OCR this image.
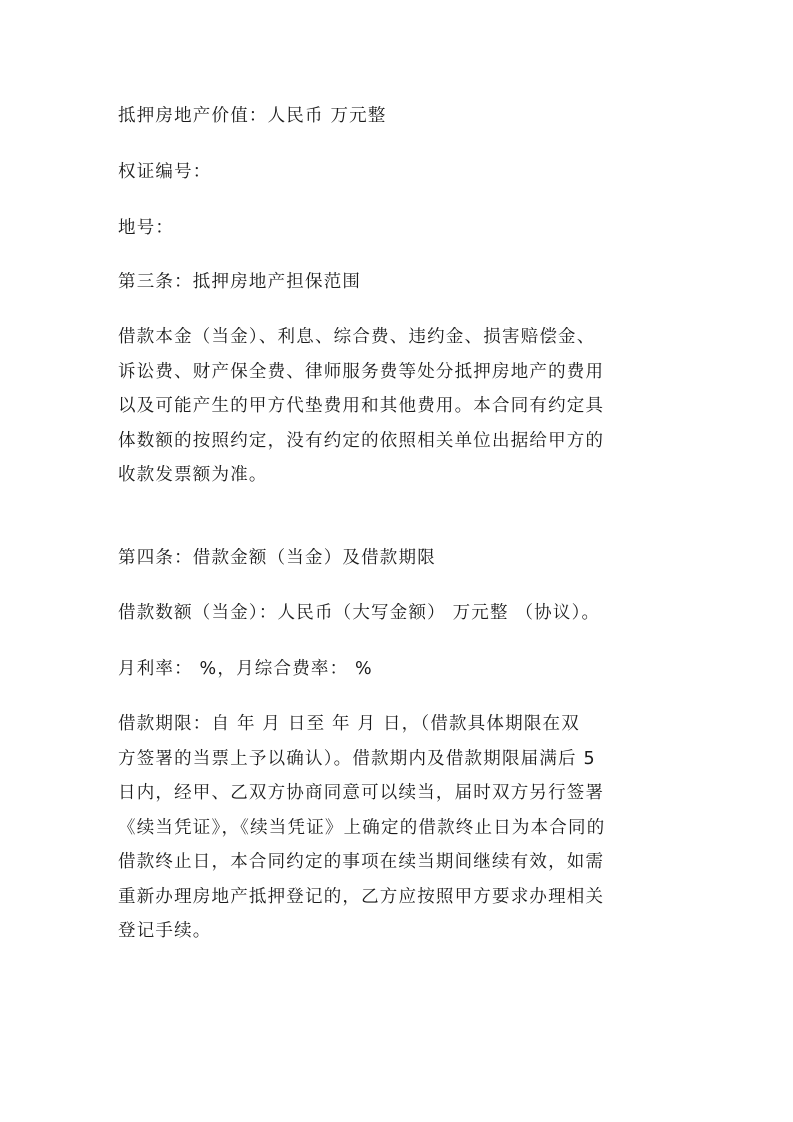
抵押房地产价值：人民币 万元整
权证编号：
地号：
第三条：抵押房地产担保范围
借款本金（当金）、利息、综合费、违约金、损害赔偿金、
诉讼费、财产保全费、律师服务费等处分抵押房地产的费用
以及可能产生的甲方代垫费用和其他费用。本合同有约定具
体数额的按照约定，没有约定的依照相关单位出据给甲方的
收款发票额为准。
第四条：借款金额（当金）及借款期限
借款数额（当金）：人民币（大写金额） 万元整 （协议）。
月利率： %，月综合费率： %
借款期限：自 年 月 日至 年 月 日，（借款具体期限在双
方签署的当票上予以确认）。借款期内及借款期限届满后 5
日内，经甲、乙双方协商同意可以续当，届时双方另行签署
《续当凭证》，《续当凭证》上确定的借款终止日为本合同的
借款终止日，本合同约定的事项在续当期间继续有效，如需
重新办理房地产抵押登记的，乙方应按照甲方要求办理相关
登记手续。
